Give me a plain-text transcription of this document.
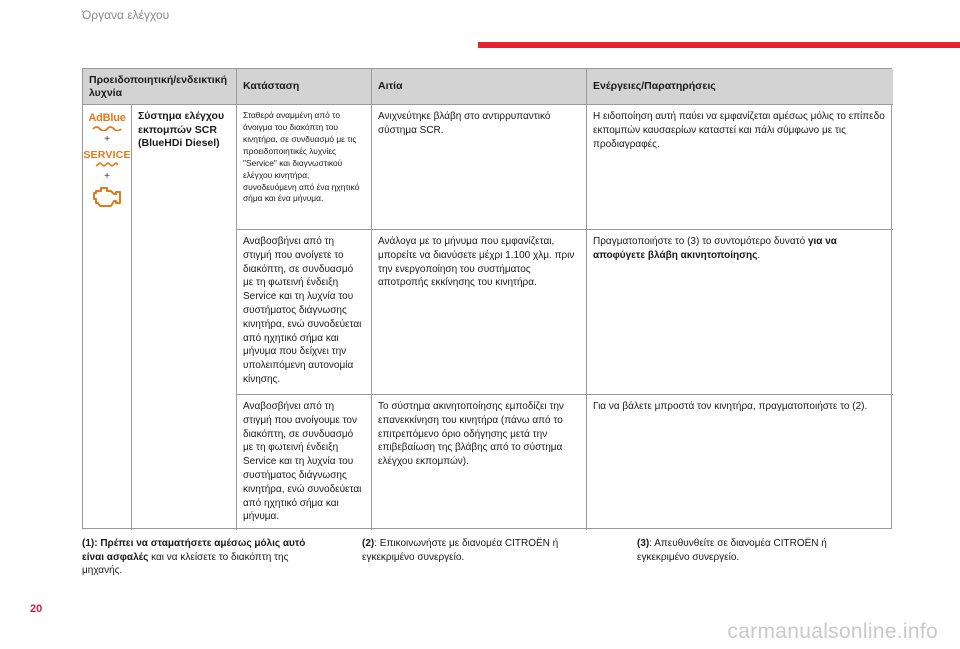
Όργανα ελέγχου
Προειδοποιητική/ενδεικτική λυχνία
Κατάσταση	Αιτία	Ενέργειες/Παρατηρήσεις
AdBlue
+
SERVICE
+
Σύστημα ελέγχου εκπομπών SCR (BlueHDi Diesel)
Σταθερά αναμμένη από το άνοιγμα του διακόπτη του κινητήρα, σε συνδυασμό με τις προειδοποιητικές λυχνίες "Service" και διαγνωστικού ελέγχου κινητήρα, συνοδευόμενη από ένα ηχητικό σήμα και ένα μήνυμα.
Ανιχνεύτηκε βλάβη στο αντιρρυπαντικό σύστημα SCR.
Η ειδοποίηση αυτή παύει να εμφανίζεται αμέσως μόλις το επίπεδο εκπομπών καυσαερίων καταστεί και πάλι σύμφωνο με τις προδιαγραφές.
Αναβοσβήνει από τη στιγμή που ανοίγετε το διακόπτη, σε συνδυασμό με τη φωτεινή ένδειξη Service και τη λυχνία του συστήματος διάγνωσης κινητήρα, ενώ συνοδεύεται από ηχητικό σήμα και μήνυμα που δείχνει την υπολειπόμενη αυτονομία κίνησης.
Ανάλογα με το μήνυμα που εμφανίζεται, μπορείτε να διανύσετε μέχρι 1.100 χλμ. πριν την ενεργοποίηση του συστήματος αποτροπής εκκίνησης του κινητήρα.
Πραγματοποιήστε το (3) το συντομότερο δυνατό για να αποφύγετε βλάβη ακινητοποίησης.
Αναβοσβήνει από τη στιγμή που ανοίγουμε τον διακόπτη, σε συνδυασμό με τη φωτεινή ένδειξη Service και τη λυχνία του συστήματος διάγνωσης κινητήρα, ενώ συνοδεύεται από ηχητικό σήμα και μήνυμα.
Το σύστημα ακινητοποίησης εμποδίζει την επανεκκίνηση του κινητήρα (πάνω από το επιτρεπόμενο όριο οδήγησης μετά την επιβεβαίωση της βλάβης από το σύστημα ελέγχου εκπομπών).
Για να βάλετε μπροστά τον κινητήρα, πραγματοποιήστε το (2).
(1): Πρέπει να σταματήσετε αμέσως μόλις αυτό είναι ασφαλές και να κλείσετε το διακόπτη της μηχανής.
(2): Επικοινωνήστε με διανομέα CITROËN ή εγκεκριμένο συνεργείο.
(3): Απευθυνθείτε σε διανομέα CITROËN ή εγκεκριμένο συνεργείο.
20
carmanualsonline.info
